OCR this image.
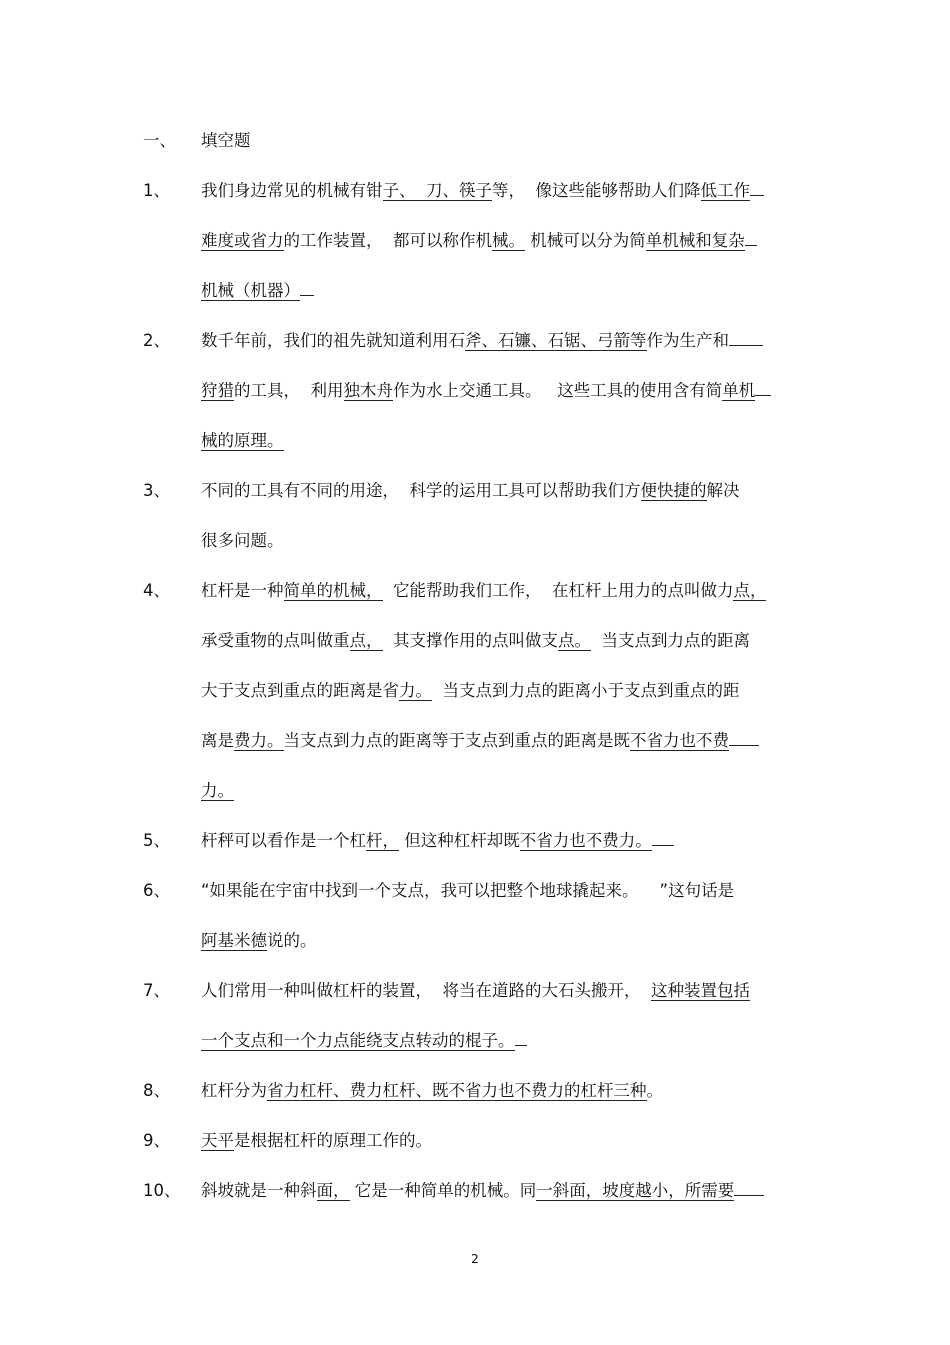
一、 填空题
1、 我们身边常见的机械有钳子、  刀、筷子等，  像这些能够帮助人们降低工作
难度或省力的工作装置，  都可以称作机械。 机械可以分为简单机械和复杂
机械（机器）
2、 数千年前，我们的祖先就知道利用石斧、石镰、石锯、弓箭等作为生产和
狩猎的工具，  利用独木舟作为水上交通工具。   这些工具的使用含有简单机
械的原理。
3、 不同的工具有不同的用途，  科学的运用工具可以帮助我们方便快捷的解决
很多问题。
4、 杠杆是一种简单的机械，  它能帮助我们工作，  在杠杆上用力的点叫做力点，
承受重物的点叫做重点，  其支撑作用的点叫做支点。  当支点到力点的距离
大于支点到重点的距离是省力。  当支点到力点的距离小于支点到重点的距
离是费力。当支点到力点的距离等于支点到重点的距离是既不省力也不费
力。
5、 杆秤可以看作是一个杠杆， 但这种杠杆却既不省力也不费力。
6、 “如果能在宇宙中找到一个支点，我可以把整个地球撬起来。    ”这句话是
阿基米德说的。
7、 人们常用一种叫做杠杆的装置，  将当在道路的大石头搬开，  这种装置包括
一个支点和一个力点能绕支点转动的棍子。
8、 杠杆分为省力杠杆、费力杠杆、既不省力也不费力的杠杆三种。
9、 天平是根据杠杆的原理工作的。
10、 斜坡就是一种斜面， 它是一种简单的机械。同一斜面，坡度越小，所需要
2
